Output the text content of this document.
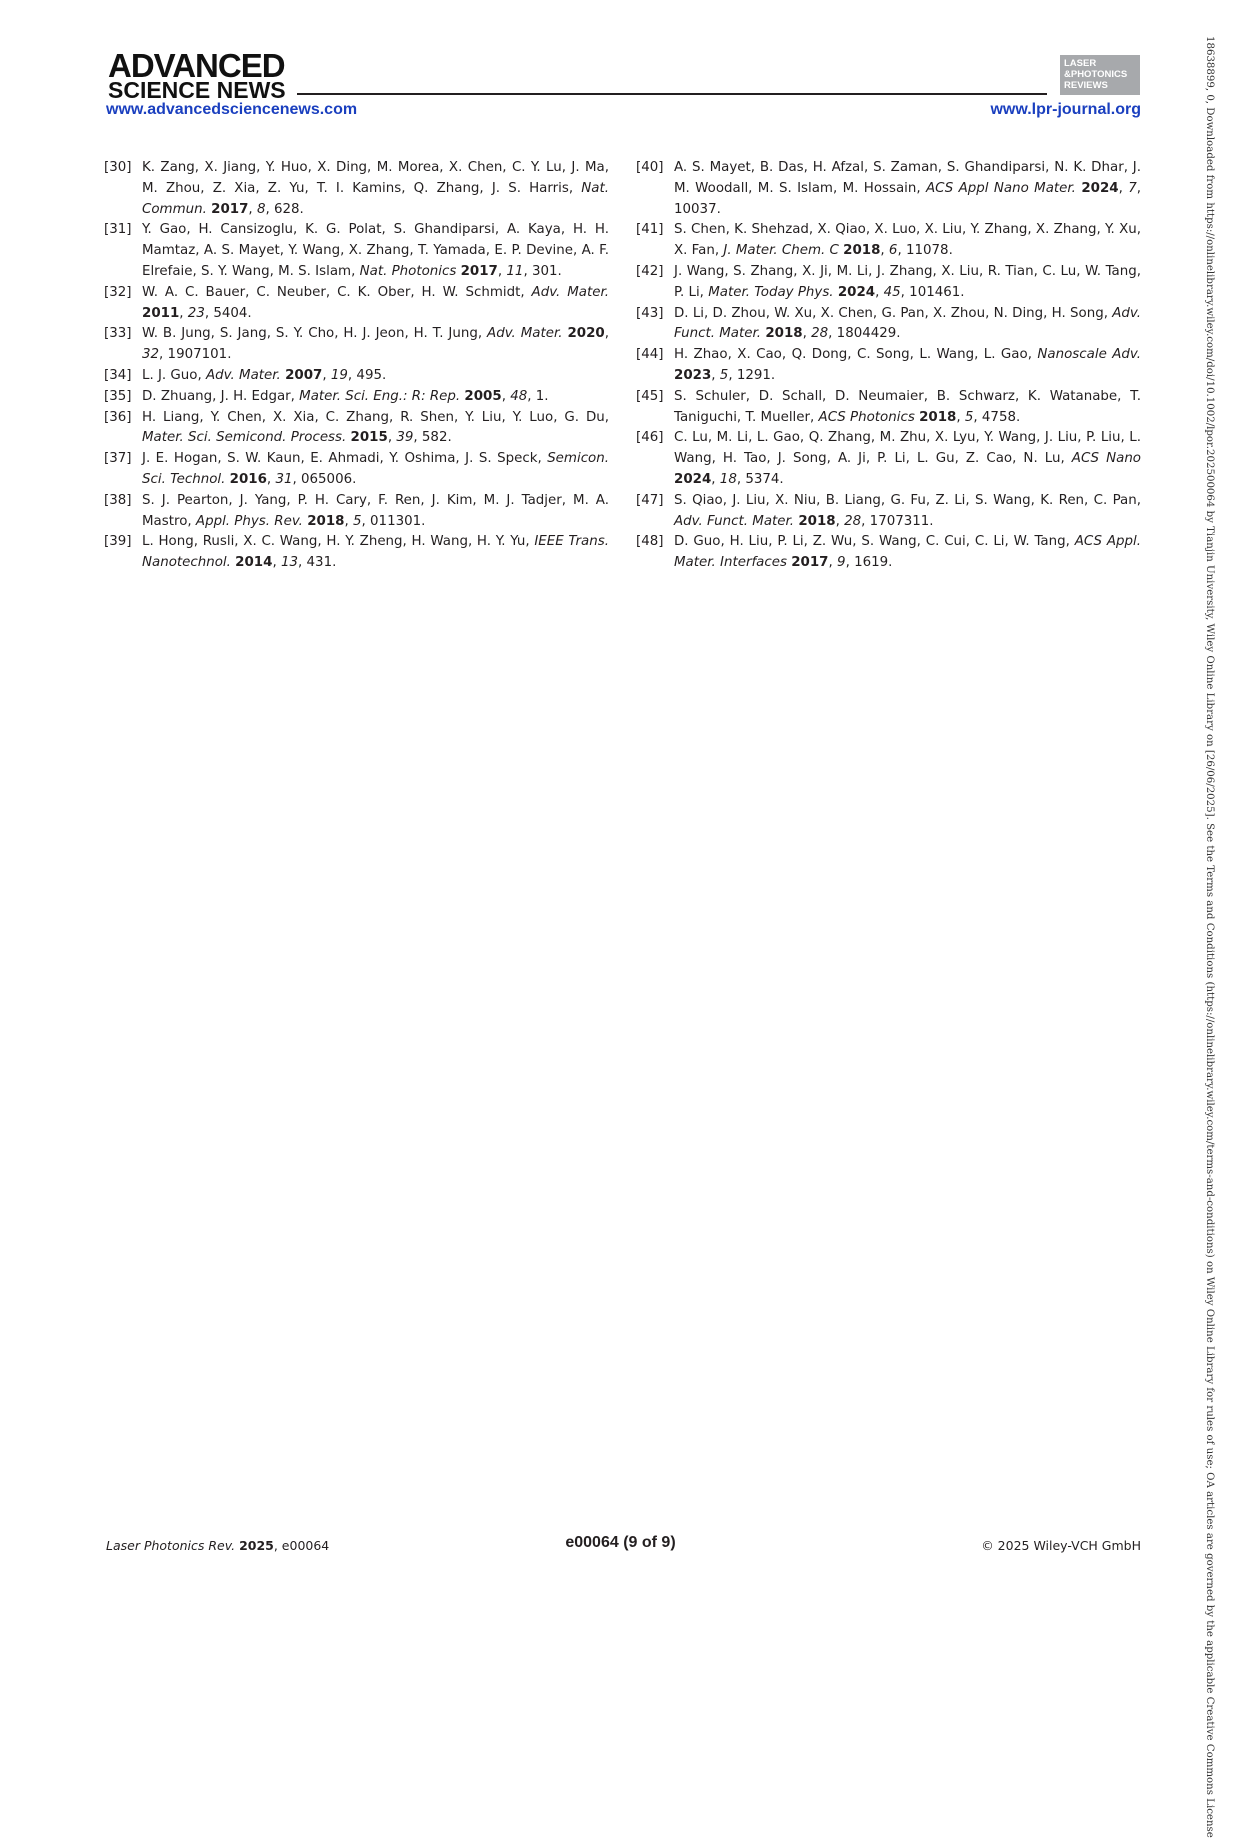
ADVANCED
SCIENCE NEWS
LASER
&PHOTONICS
REVIEWS
www.advancedsciencenews.com	www.lpr-journal.org
[30] K. Zang, X. Jiang, Y. Huo, X. Ding, M. Morea, X. Chen, C. Y. Lu, J. Ma, M. Zhou, Z. Xia, Z. Yu, T. I. Kamins, Q. Zhang, J. S. Harris, Nat. Commun. 2017, 8, 628.
[31] Y. Gao, H. Cansizoglu, K. G. Polat, S. Ghandiparsi, A. Kaya, H. H. Mamtaz, A. S. Mayet, Y. Wang, X. Zhang, T. Yamada, E. P. Devine, A. F. Elrefaie, S. Y. Wang, M. S. Islam, Nat. Photonics 2017, 11, 301.
[32] W. A. C. Bauer, C. Neuber, C. K. Ober, H. W. Schmidt, Adv. Mater. 2011, 23, 5404.
[33] W. B. Jung, S. Jang, S. Y. Cho, H. J. Jeon, H. T. Jung, Adv. Mater. 2020, 32, 1907101.
[34] L. J. Guo, Adv. Mater. 2007, 19, 495.
[35] D. Zhuang, J. H. Edgar, Mater. Sci. Eng.: R: Rep. 2005, 48, 1.
[36] H. Liang, Y. Chen, X. Xia, C. Zhang, R. Shen, Y. Liu, Y. Luo, G. Du, Mater. Sci. Semicond. Process. 2015, 39, 582.
[37] J. E. Hogan, S. W. Kaun, E. Ahmadi, Y. Oshima, J. S. Speck, Semicon. Sci. Technol. 2016, 31, 065006.
[38] S. J. Pearton, J. Yang, P. H. Cary, F. Ren, J. Kim, M. J. Tadjer, M. A. Mastro, Appl. Phys. Rev. 2018, 5, 011301.
[39] L. Hong, Rusli, X. C. Wang, H. Y. Zheng, H. Wang, H. Y. Yu, IEEE Trans. Nanotechnol. 2014, 13, 431.
[40] A. S. Mayet, B. Das, H. Afzal, S. Zaman, S. Ghandiparsi, N. K. Dhar, J. M. Woodall, M. S. Islam, M. Hossain, ACS Appl Nano Mater. 2024, 7, 10037.
[41] S. Chen, K. Shehzad, X. Qiao, X. Luo, X. Liu, Y. Zhang, X. Zhang, Y. Xu, X. Fan, J. Mater. Chem. C 2018, 6, 11078.
[42] J. Wang, S. Zhang, X. Ji, M. Li, J. Zhang, X. Liu, R. Tian, C. Lu, W. Tang, P. Li, Mater. Today Phys. 2024, 45, 101461.
[43] D. Li, D. Zhou, W. Xu, X. Chen, G. Pan, X. Zhou, N. Ding, H. Song, Adv. Funct. Mater. 2018, 28, 1804429.
[44] H. Zhao, X. Cao, Q. Dong, C. Song, L. Wang, L. Gao, Nanoscale Adv. 2023, 5, 1291.
[45] S. Schuler, D. Schall, D. Neumaier, B. Schwarz, K. Watanabe, T. Taniguchi, T. Mueller, ACS Photonics 2018, 5, 4758.
[46] C. Lu, M. Li, L. Gao, Q. Zhang, M. Zhu, X. Lyu, Y. Wang, J. Liu, P. Liu, L. Wang, H. Tao, J. Song, A. Ji, P. Li, L. Gu, Z. Cao, N. Lu, ACS Nano 2024, 18, 5374.
[47] S. Qiao, J. Liu, X. Niu, B. Liang, G. Fu, Z. Li, S. Wang, K. Ren, C. Pan, Adv. Funct. Mater. 2018, 28, 1707311.
[48] D. Guo, H. Liu, P. Li, Z. Wu, S. Wang, C. Cui, C. Li, W. Tang, ACS Appl. Mater. Interfaces 2017, 9, 1619.	18638899, 0, Downloaded from https://onlinelibrary.wiley.com/doi/10.1002/lpor.202500064 by Tianjin University, Wiley Online Library on [26/06/2025]. See the Terms and Conditions (https://onlinelibrary.wiley.com/terms-and-conditions) on Wiley Online Library for rules of use; OA articles are governed by the applicable Creative Commons License
Laser Photonics Rev. 2025, e00064	e00064 (9 of 9)	© 2025 Wiley-VCH GmbH
